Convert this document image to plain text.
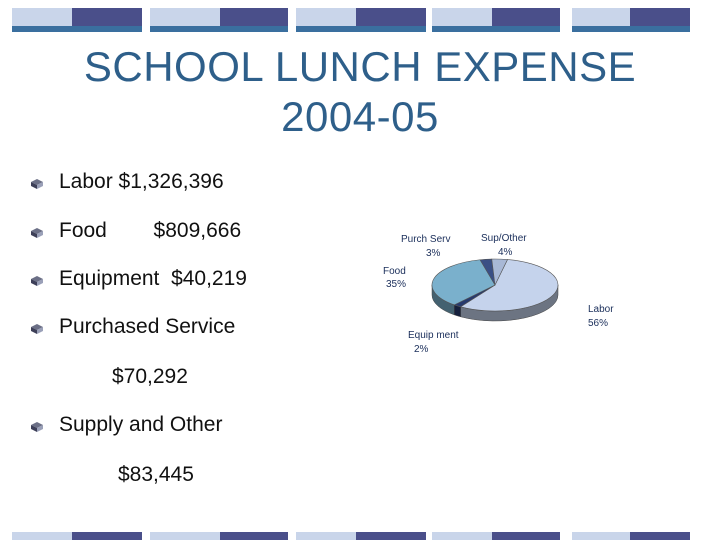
SCHOOL LUNCH EXPENSE
2004-05

Labor $1,326,396

Food        $809,666

Equipment  $40,219

Purchased Service

$70,292

Supply and Other

$83,445
Labor
56%
Equip ment
2%
Food
35%
Purch Serv
3%
Sup/Other
4%
